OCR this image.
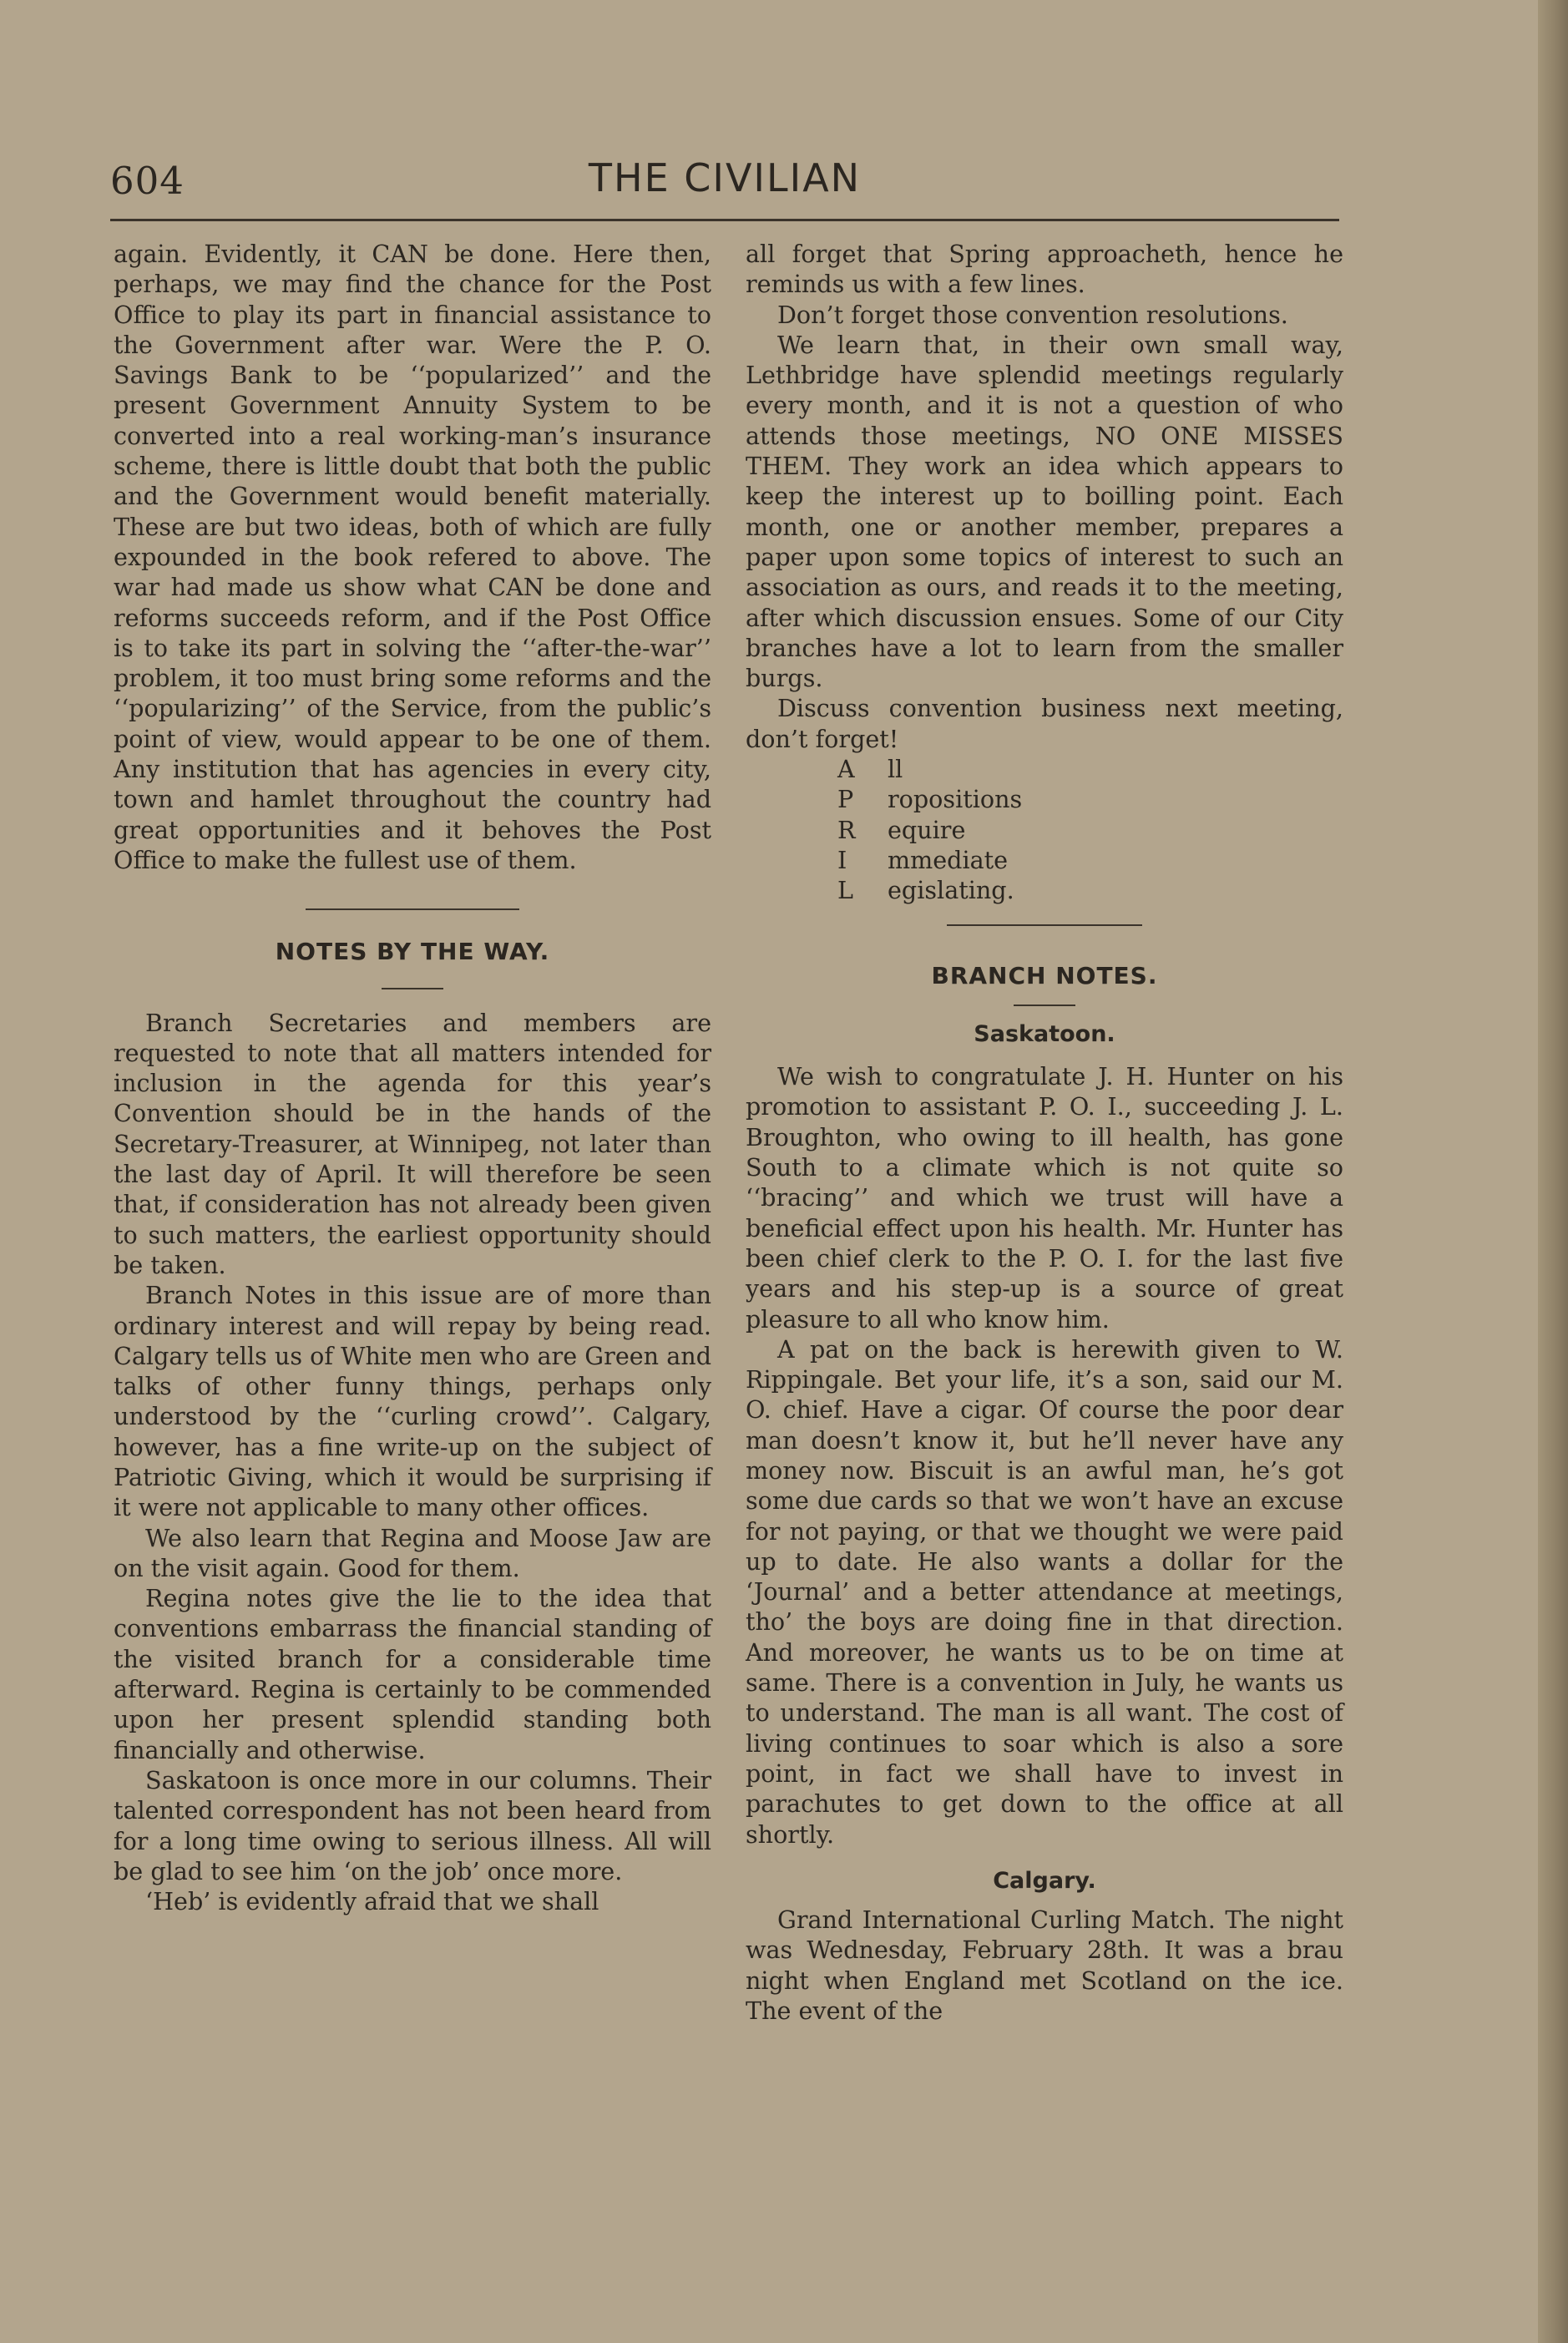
604	THE CIVILIAN

again. Evidently, it CAN be done. Here then, perhaps, we may find the chance for the Post Office to play its part in financial assistance to the Government after war. Were the P. O. Savings Bank to be ‘‘popularized’’ and the present Government Annuity System to be converted into a real working-man’s insurance scheme, there is little doubt that both the public and the Government would benefit materially. These are but two ideas, both of which are fully expounded in the book refered to above. The war had made us show what CAN be done and reforms succeeds reform, and if the Post Office is to take its part in solving the ‘‘after-the-war’’ problem, it too must bring some reforms and the ‘‘popularizing’’ of the Service, from the public’s point of view, would appear to be one of them. Any institution that has agencies in every city, town and hamlet throughout the country had great opportunities and it behoves the Post Office to make the fullest use of them.

NOTES BY THE WAY.

Branch Secretaries and members are requested to note that all matters intended for inclusion in the agenda for this year’s Convention should be in the hands of the Secretary-Treasurer, at Winnipeg, not later than the last day of April. It will therefore be seen that, if consideration has not already been given to such matters, the earliest opportunity should be taken.

Branch Notes in this issue are of more than ordinary interest and will repay by being read. Calgary tells us of White men who are Green and talks of other funny things, perhaps only understood by the ‘‘curling crowd’’. Calgary, however, has a fine write-up on the subject of Patriotic Giving, which it would be surprising if it were not applicable to many other offices.

We also learn that Regina and Moose Jaw are on the visit again. Good for them.

Regina notes give the lie to the idea that conventions embarrass the financial standing of the visited branch for a considerable time afterward. Regina is certainly to be commended upon her present splendid standing both financially and otherwise.

Saskatoon is once more in our columns. Their talented correspondent has not been heard from for a long time owing to serious illness. All will be glad to see him ‘on the job’ once more.

‘Heb’ is evidently afraid that we shall

all forget that Spring approacheth, hence he reminds us with a few lines.

Don’t forget those convention resolutions.

We learn that, in their own small way, Lethbridge have splendid meetings regularly every month, and it is not a question of who attends those meetings, NO ONE MISSES THEM. They work an idea which appears to keep the interest up to boilling point. Each month, one or another member, prepares a paper upon some topics of interest to such an association as ours, and reads it to the meeting, after which discussion ensues. Some of our City branches have a lot to learn from the smaller burgs.

Discuss convention business next meeting, don’t forget!

A	ll
P	ropositions
R	equire
I	mmediate
L	egislating.

BRANCH NOTES.

Saskatoon.

We wish to congratulate J. H. Hunter on his promotion to assistant P. O. I., succeeding J. L. Broughton, who owing to ill health, has gone South to a climate which is not quite so ‘‘bracing’’ and which we trust will have a beneficial effect upon his health. Mr. Hunter has been chief clerk to the P. O. I. for the last five years and his step-up is a source of great pleasure to all who know him.

A pat on the back is herewith given to W. Rippingale. Bet your life, it’s a son, said our M. O. chief. Have a cigar. Of course the poor dear man doesn’t know it, but he’ll never have any money now. Biscuit is an awful man, he’s got some due cards so that we won’t have an excuse for not paying, or that we thought we were paid up to date. He also wants a dollar for the ‘Journal’ and a better attendance at meetings, tho’ the boys are doing fine in that direction. And moreover, he wants us to be on time at same. There is a convention in July, he wants us to understand. The man is all want. The cost of living continues to soar which is also a sore point, in fact we shall have to invest in parachutes to get down to the office at all shortly.

Calgary.

Grand International Curling Match. The night was Wednesday, February 28th. It was a brau night when England met Scotland on the ice. The event of the
